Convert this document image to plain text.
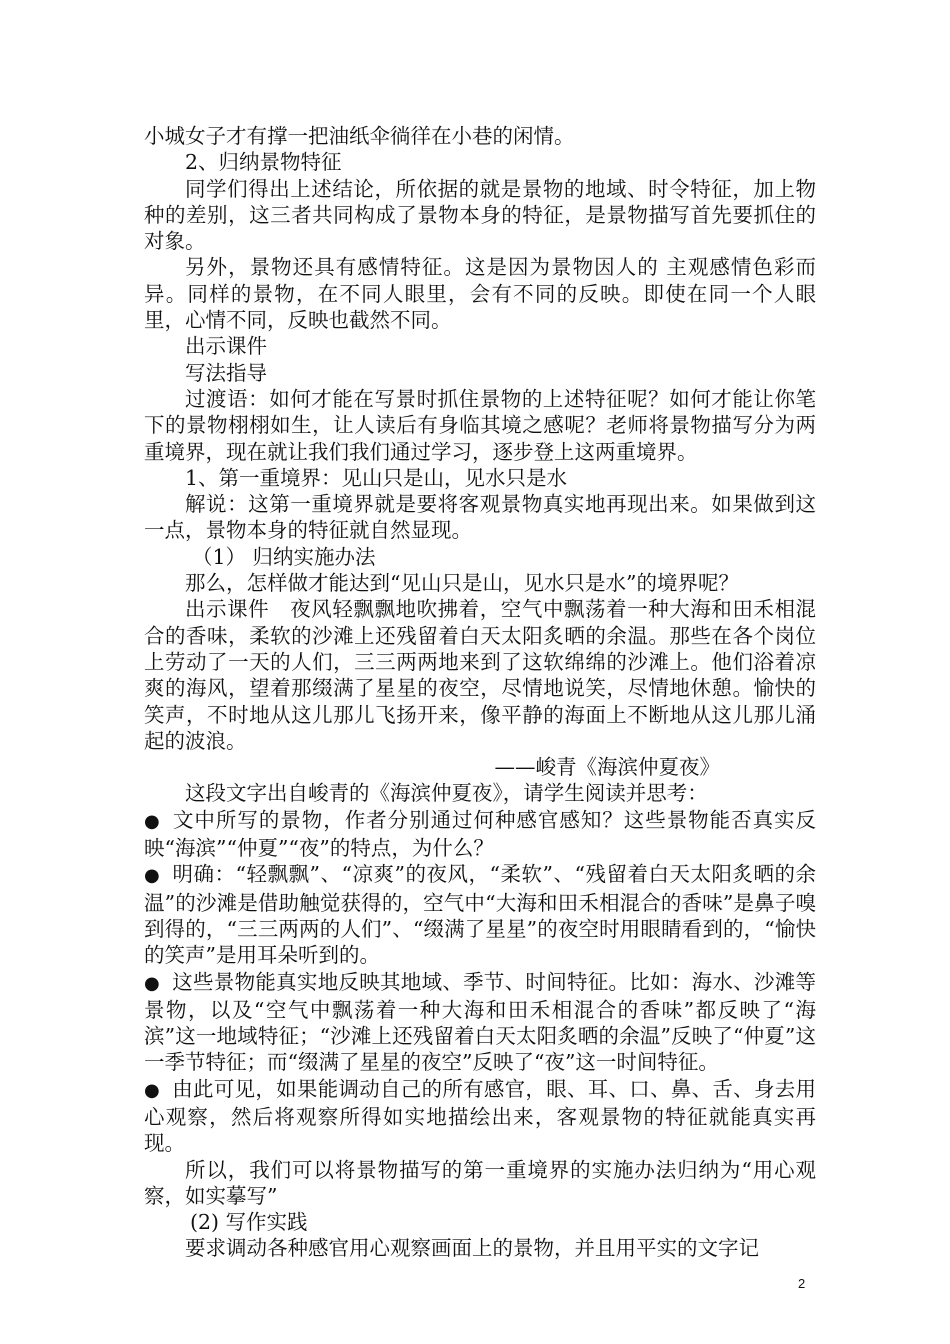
小城女子才有撑一把油纸伞徜徉在小巷的闲情。

2、归纳景物特征

同学们得出上述结论，所依据的就是景物的地域、时令特征，加上物种的差别，这三者共同构成了景物本身的特征，是景物描写首先要抓住的对象。

另外，景物还具有感情特征。这是因为景物因人的 主观感情色彩而异。同样的景物，在不同人眼里，会有不同的反映。即使在同一个人眼里，心情不同，反映也截然不同。

出示课件

写法指导

过渡语：如何才能在写景时抓住景物的上述特征呢？如何才能让你笔下的景物栩栩如生，让人读后有身临其境之感呢？老师将景物描写分为两重境界，现在就让我们我们通过学习，逐步登上这两重境界。

1、第一重境界：见山只是山，见水只是水

解说：这第一重境界就是要将客观景物真实地再现出来。如果做到这一点，景物本身的特征就自然显现。

（1） 归纳实施办法

那么，怎样做才能达到“见山只是山，见水只是水”的境界呢？

出示课件　夜风轻飘飘地吹拂着，空气中飘荡着一种大海和田禾相混合的香味，柔软的沙滩上还残留着白天太阳炙晒的余温。那些在各个岗位上劳动了一天的人们，三三两两地来到了这软绵绵的沙滩上。他们浴着凉爽的海风，望着那缀满了星星的夜空，尽情地说笑，尽情地休憩。愉快的笑声，不时地从这儿那儿飞扬开来，像平静的海面上不断地从这儿那儿涌起的波浪。

——峻青《海滨仲夏夜》

这段文字出自峻青的《海滨仲夏夜》，请学生阅读并思考：

● 文中所写的景物，作者分别通过何种感官感知？这些景物能否真实反映“海滨”“仲夏”“夜”的特点，为什么？

● 明确：“轻飘飘”、“凉爽”的夜风，“柔软”、“残留着白天太阳炙晒的余温”的沙滩是借助触觉获得的，空气中“大海和田禾相混合的香味”是鼻子嗅到得的，“三三两两的人们”、“缀满了星星”的夜空时用眼睛看到的，“愉快的笑声”是用耳朵听到的。

● 这些景物能真实地反映其地域、季节、时间特征。比如：海水、沙滩等景物，以及“空气中飘荡着一种大海和田禾相混合的香味”都反映了“海滨”这一地域特征；“沙滩上还残留着白天太阳炙晒的余温”反映了“仲夏”这一季节特征；而“缀满了星星的夜空”反映了“夜”这一时间特征。

● 由此可见，如果能调动自己的所有感官，眼、耳、口、鼻、舌、身去用心观察，然后将观察所得如实地描绘出来，客观景物的特征就能真实再现。

所以，我们可以将景物描写的第一重境界的实施办法归纳为“用心观察，如实摹写”

(2) 写作实践

要求调动各种感官用心观察画面上的景物，并且用平实的文字记

2
